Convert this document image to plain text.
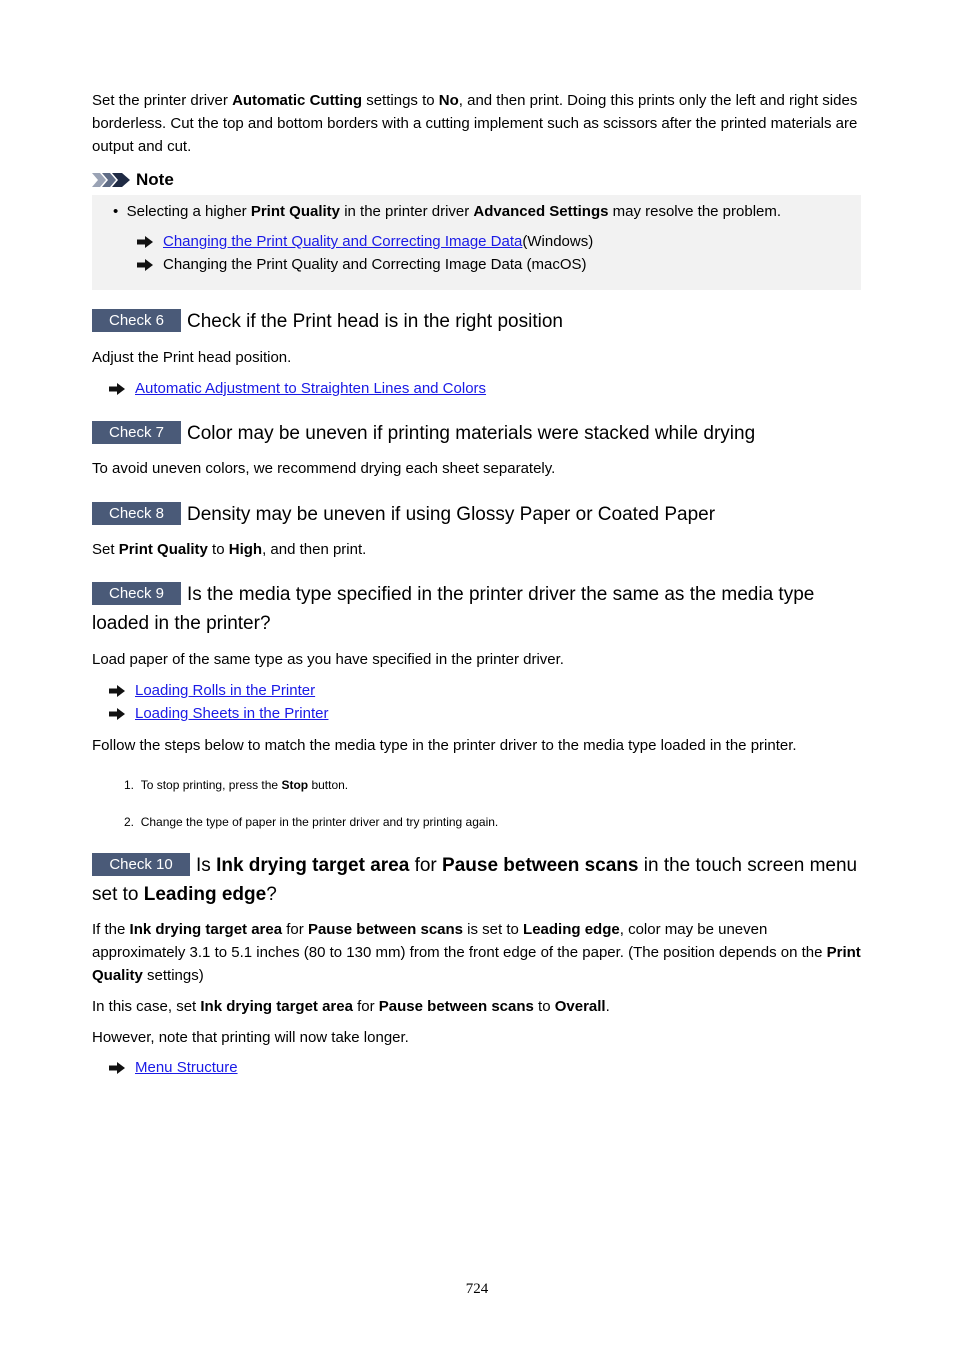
Set the printer driver Automatic Cutting settings to No, and then print. Doing this prints only the left and right sides borderless. Cut the top and bottom borders with a cutting implement such as scissors after the printed materials are output and cut.

Note
•  Selecting a higher Print Quality in the printer driver Advanced Settings may resolve the problem.
Changing the Print Quality and Correcting Image Data (Windows)
Changing the Print Quality and Correcting Image Data (macOS)
Check 6 Check if the Print head is in the right position

Adjust the Print head position.

Automatic Adjustment to Straighten Lines and Colors
Check 7 Color may be uneven if printing materials were stacked while drying

To avoid uneven colors, we recommend drying each sheet separately.

Check 8 Density may be uneven if using Glossy Paper or Coated Paper

Set Print Quality to High, and then print.

Check 9 Is the media type specified in the printer driver the same as the media type loaded in the printer?

Load paper of the same type as you have specified in the printer driver.

Loading Rolls in the Printer
Loading Sheets in the Printer

Follow the steps below to match the media type in the printer driver to the media type loaded in the printer.

1. To stop printing, press the Stop button.
2. Change the type of paper in the printer driver and try printing again.
Check 10 Is Ink drying target area for Pause between scans in the touch screen menu set to Leading edge?

If the Ink drying target area for Pause between scans is set to Leading edge, color may be uneven approximately 3.1 to 5.1 inches (80 to 130 mm) from the front edge of the paper. (The position depends on the Print Quality settings)

In this case, set Ink drying target area for Pause between scans to Overall.

However, note that printing will now take longer.

Menu Structure
724
